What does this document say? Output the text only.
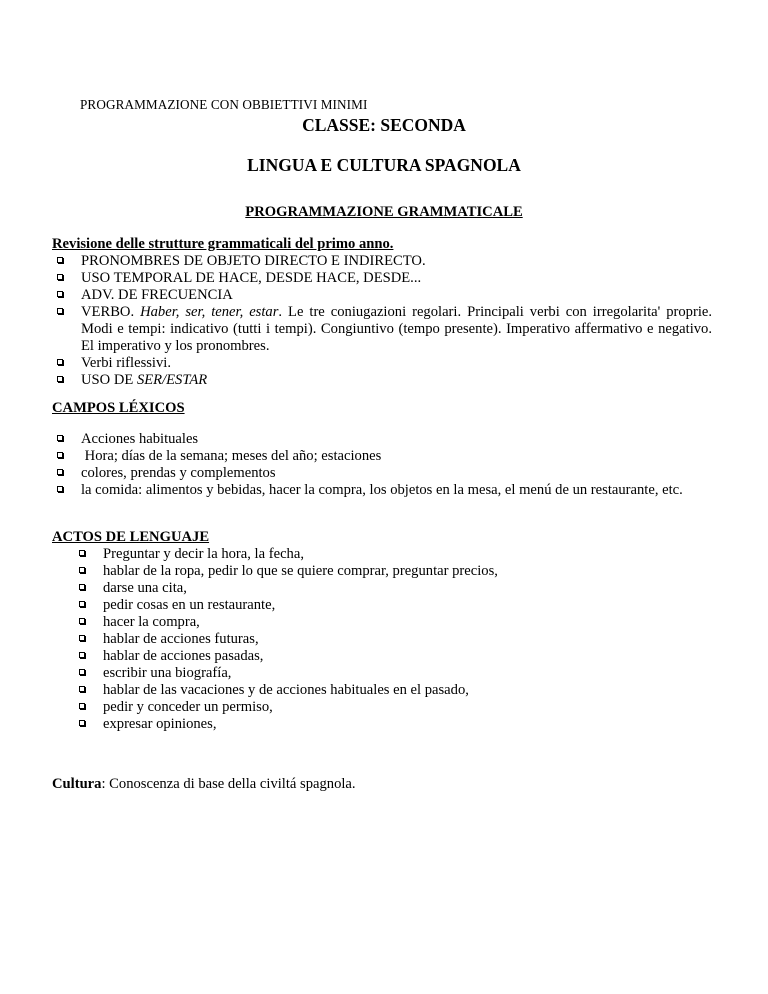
PROGRAMMAZIONE CON OBBIETTIVI MINIMI
CLASSE: SECONDA
LINGUA E CULTURA SPAGNOLA
PROGRAMMAZIONE GRAMMATICALE
Revisione delle strutture grammaticali del primo anno.
PRONOMBRES DE OBJETO DIRECTO E INDIRECTO.
USO TEMPORAL DE HACE, DESDE HACE, DESDE...
ADV. DE FRECUENCIA
VERBO. Haber, ser, tener, estar. Le tre coniugazioni regolari. Principali verbi con irregolarita' proprie. Modi e tempi: indicativo (tutti i tempi). Congiuntivo (tempo presente). Imperativo affermativo e negativo. El imperativo y los pronombres.
Verbi riflessivi.
USO DE SER/ESTAR
CAMPOS LÉXICOS
Acciones habituales
Hora; días de la semana; meses del año; estaciones
colores, prendas y complementos
la comida: alimentos y bebidas, hacer la compra, los objetos en la mesa, el menú de un restaurante, etc.
ACTOS DE LENGUAJE
Preguntar y decir la hora, la fecha,
hablar de la ropa, pedir lo que se quiere comprar, preguntar precios,
darse una cita,
pedir cosas en un restaurante,
hacer la compra,
hablar de acciones futuras,
hablar de acciones pasadas,
escribir una biografía,
hablar de las vacaciones y de acciones habituales en el pasado,
pedir y conceder un permiso,
expresar opiniones,
Cultura: Conoscenza di base della civiltá spagnola.
